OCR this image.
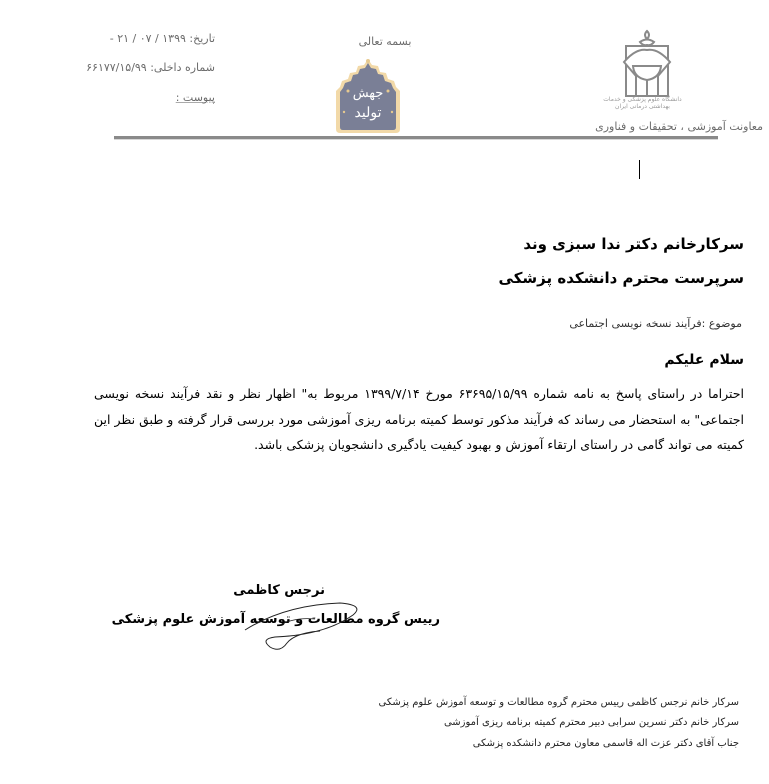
تاریخ: ۱۳۹۹ / ۰۷ / ۲۱ -
شماره داخلی: ۶۶۱۷۷/۱۵/۹۹
پیوست :
بسمه تعالی
جهش
تولید
دانشگاه علوم پزشکی و خدمات بهداشتی درمانی ایران
معاونت آموزشی ، تحقیقات و فناوری
سرکارخانم دکتر ندا سبزی وند
سرپرست محترم دانشکده پزشکی
موضوع :فرآیند نسخه نویسی اجتماعی
سلام علیکم
احتراما در راستای پاسخ به نامه شماره ۶۳۶۹۵/۱۵/۹۹ مورخ ۱۳۹۹/۷/۱۴ مربوط به" اظهار نظر و نقد فرآیند نسخه نویسی اجتماعی" به استحضار می رساند که فرآیند مذکور توسط کمیته برنامه ریزی آموزشی مورد بررسی قرار گرفته و طبق نظر این کمیته می تواند گامی در راستای ارتقاء آموزش و بهبود کیفیت یادگیری دانشجویان پزشکی باشد.
نرجس کاظمی
رییس گروه مطالعات و توسعه آموزش علوم پزشکی
سرکار خانم نرجس کاظمی رییس محترم گروه مطالعات و توسعه آموزش علوم پزشکی
سرکار خانم دکتر نسرین سرابی دبیر محترم کمیته برنامه ریزی آموزشی
جناب آقای دکتر عزت اله قاسمی معاون محترم دانشکده پزشکی
